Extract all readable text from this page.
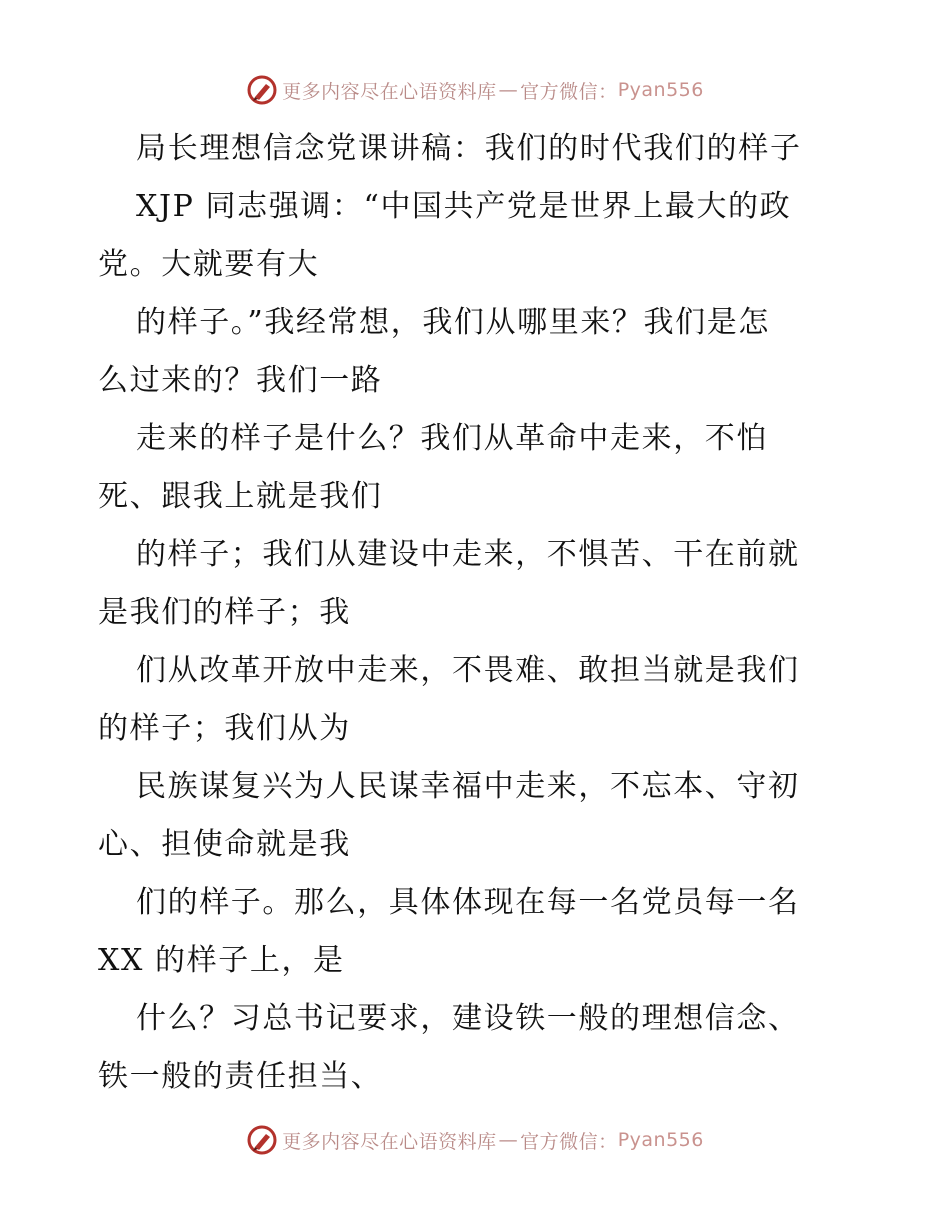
更多内容尽在心语资料库 — 官方微信： Pyan556
局长理想信念党课讲稿：我们的时代我们的样子
XJP 同志强调：“中国共产党是世界上最大的政
党。大就要有大
的样子。”我经常想，我们从哪里来？我们是怎
么过来的？我们一路
走来的样子是什么？我们从革命中走来，不怕
死、跟我上就是我们
的样子；我们从建设中走来，不惧苦、干在前就
是我们的样子；我
们从改革开放中走来，不畏难、敢担当就是我们
的样子；我们从为
民族谋复兴为人民谋幸福中走来，不忘本、守初
心、担使命就是我
们的样子。那么，具体体现在每一名党员每一名
XX 的样子上，是
什么？习总书记要求，建设铁一般的理想信念、
铁一般的责任担当、
更多内容尽在心语资料库 — 官方微信： Pyan556
